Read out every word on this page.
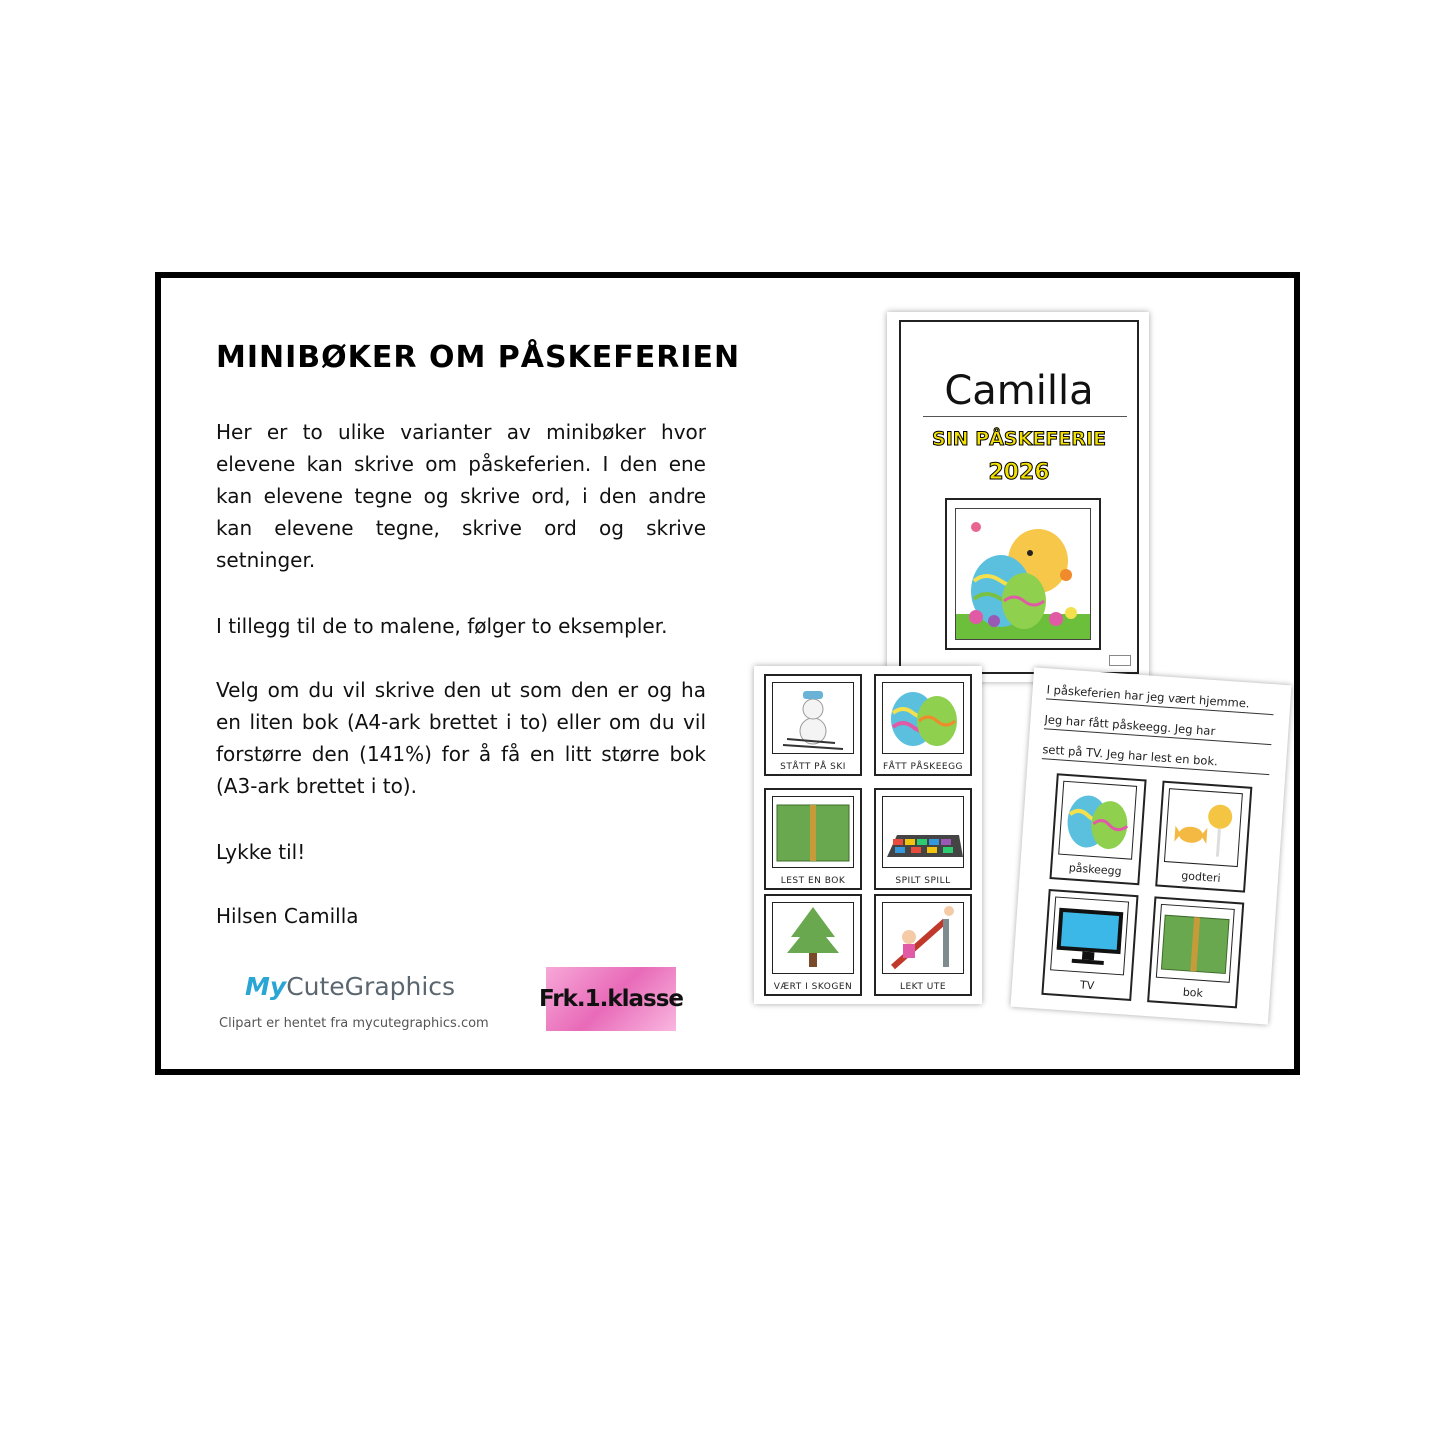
MINIBØKER OM PÅSKEFERIEN

Her er to ulike varianter av minibøker hvor elevene kan skrive om påskeferien. I den ene kan elevene tegne og skrive ord, i den andre kan elevene tegne, skrive ord og skrive setninger.

I tillegg til de to malene, følger to eksempler.

Velg om du vil skrive den ut som den er og ha en liten bok (A4-ark brettet i to) eller om du vil forstørre den (141%) for å få en litt større bok (A3-ark brettet i to).

Lykke til!

Hilsen Camilla

MyCuteGraphics
Clipart er hentet fra mycutegraphics.com
Frk.1.klasse
Camilla
SIN PÅSKEFERIE
2026
STÅTT PÅ SKI	FÅTT PÅSKEEGG
LEST EN BOK	SPILT SPILL
VÆRT I SKOGEN	LEKT UTE
I påskeferien har jeg vært hjemme.
Jeg har fått påskeegg. Jeg har
sett på TV. Jeg har lest en bok.
påskeegg	godteri
TV
bok
